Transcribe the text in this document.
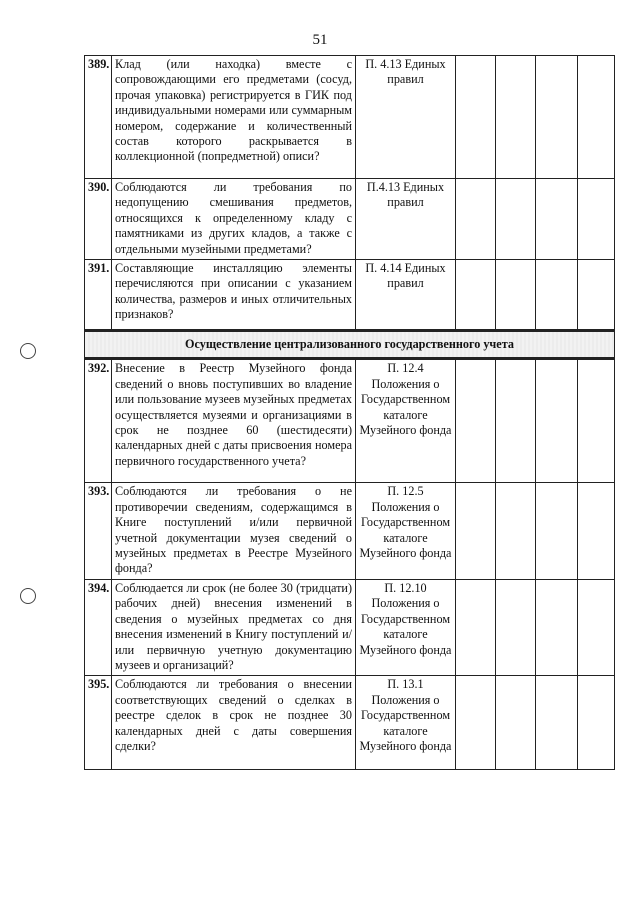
51
389.	Клад (или находка) вместе с сопровождающими его предметами (сосуд, прочая упаковка) регистрируется в ГИК под индивидуальными номерами или суммарным номером, содержание и количественный состав которого раскрывается в коллекционной (попредметной) описи?	П. 4.13 Единых правил				
390.	Соблюдаются ли требования по недопущению смешивания предметов, относящихся к определенному кладу с памятниками из других кладов, а также с отдельными музейными предметами?	П.4.13 Единых правил				
391.	Составляющие инсталляцию элементы перечисляются при описании с указанием количества, размеров и иных отличительных признаков?	П. 4.14 Единых правил				
Осуществление централизованного государственного учета						
392.	Внесение в Реестр Музейного фонда сведений о вновь поступивших во владение или пользование музеев музейных предметах осуществляется музеями и организациями в срок не позднее 60 (шестидесяти) календарных дней с даты присвоения номера первичного государственного учета?	П. 12.4 Положения о Государственном каталоге Музейного фонда				
393.	Соблюдаются ли требования о не противоречии сведениям, содержащимся в Книге поступлений и/или первичной учетной документации музея сведений о музейных предметах в Реестре Музейного фонда?	П. 12.5 Положения о Государственном каталоге Музейного фонда				
394.	Соблюдается ли срок (не более 30 (тридцати) рабочих дней) внесения изменений в сведения о музейных предметах со дня внесения изменений в Книгу поступлений и/или первичную учетную документацию музеев и организаций?	П. 12.10 Положения о Государственном каталоге Музейного фонда				
395.	Соблюдаются ли требования о внесении соответствующих сведений о сделках в реестре сделок в срок не позднее 30 календарных дней с даты совершения сделки?	П. 13.1 Положения о Государственном каталоге Музейного фонда				
